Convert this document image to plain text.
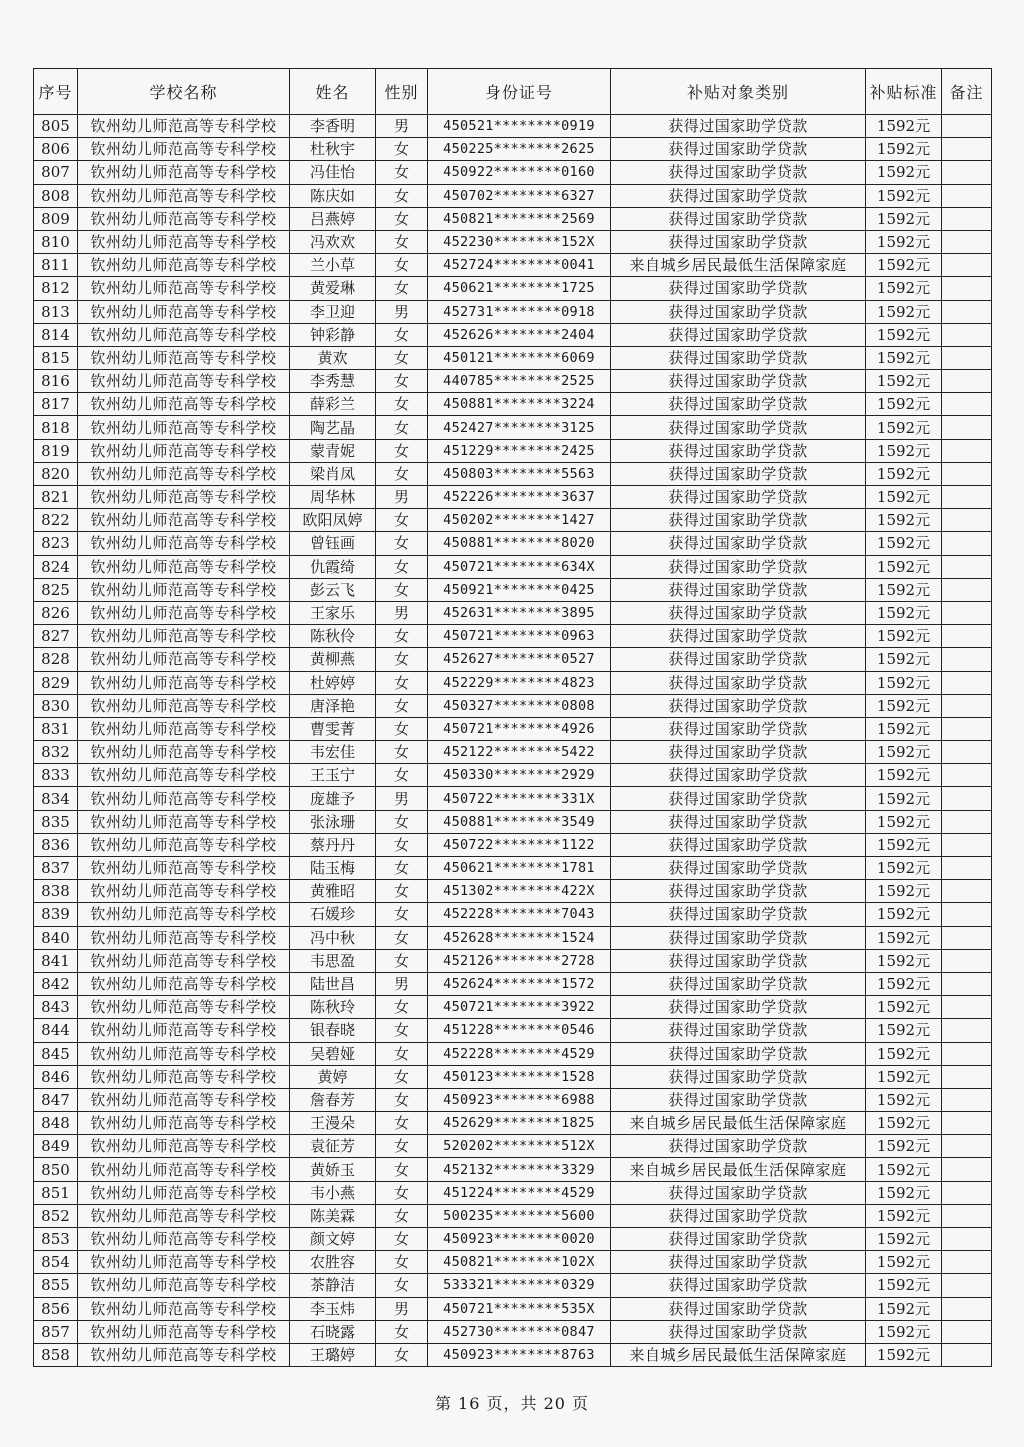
序号	学校名称	姓名	性别	身份证号	补贴对象类别	补贴标准	备注
805	钦州幼儿师范高等专科学校	李香明	男	450521********0919	获得过国家助学贷款	1592元	
806	钦州幼儿师范高等专科学校	杜秋宇	女	450225********2625	获得过国家助学贷款	1592元	
807	钦州幼儿师范高等专科学校	冯佳怡	女	450922********0160	获得过国家助学贷款	1592元	
808	钦州幼儿师范高等专科学校	陈庆如	女	450702********6327	获得过国家助学贷款	1592元	
809	钦州幼儿师范高等专科学校	吕燕婷	女	450821********2569	获得过国家助学贷款	1592元	
810	钦州幼儿师范高等专科学校	冯欢欢	女	452230********152X	获得过国家助学贷款	1592元	
811	钦州幼儿师范高等专科学校	兰小草	女	452724********0041	来自城乡居民最低生活保障家庭	1592元	
812	钦州幼儿师范高等专科学校	黄爱琳	女	450621********1725	获得过国家助学贷款	1592元	
813	钦州幼儿师范高等专科学校	李卫迎	男	452731********0918	获得过国家助学贷款	1592元	
814	钦州幼儿师范高等专科学校	钟彩静	女	452626********2404	获得过国家助学贷款	1592元	
815	钦州幼儿师范高等专科学校	黄欢	女	450121********6069	获得过国家助学贷款	1592元	
816	钦州幼儿师范高等专科学校	李秀慧	女	440785********2525	获得过国家助学贷款	1592元	
817	钦州幼儿师范高等专科学校	薛彩兰	女	450881********3224	获得过国家助学贷款	1592元	
818	钦州幼儿师范高等专科学校	陶艺晶	女	452427********3125	获得过国家助学贷款	1592元	
819	钦州幼儿师范高等专科学校	蒙青妮	女	451229********2425	获得过国家助学贷款	1592元	
820	钦州幼儿师范高等专科学校	梁肖凤	女	450803********5563	获得过国家助学贷款	1592元	
821	钦州幼儿师范高等专科学校	周华林	男	452226********3637	获得过国家助学贷款	1592元	
822	钦州幼儿师范高等专科学校	欧阳凤婷	女	450202********1427	获得过国家助学贷款	1592元	
823	钦州幼儿师范高等专科学校	曾钰画	女	450881********8020	获得过国家助学贷款	1592元	
824	钦州幼儿师范高等专科学校	仇霞绮	女	450721********634X	获得过国家助学贷款	1592元	
825	钦州幼儿师范高等专科学校	彭云飞	女	450921********0425	获得过国家助学贷款	1592元	
826	钦州幼儿师范高等专科学校	王家乐	男	452631********3895	获得过国家助学贷款	1592元	
827	钦州幼儿师范高等专科学校	陈秋伶	女	450721********0963	获得过国家助学贷款	1592元	
828	钦州幼儿师范高等专科学校	黄柳燕	女	452627********0527	获得过国家助学贷款	1592元	
829	钦州幼儿师范高等专科学校	杜婷婷	女	452229********4823	获得过国家助学贷款	1592元	
830	钦州幼儿师范高等专科学校	唐泽艳	女	450327********0808	获得过国家助学贷款	1592元	
831	钦州幼儿师范高等专科学校	曹雯菁	女	450721********4926	获得过国家助学贷款	1592元	
832	钦州幼儿师范高等专科学校	韦宏佳	女	452122********5422	获得过国家助学贷款	1592元	
833	钦州幼儿师范高等专科学校	王玉宁	女	450330********2929	获得过国家助学贷款	1592元	
834	钦州幼儿师范高等专科学校	庞雄予	男	450722********331X	获得过国家助学贷款	1592元	
835	钦州幼儿师范高等专科学校	张泳珊	女	450881********3549	获得过国家助学贷款	1592元	
836	钦州幼儿师范高等专科学校	蔡丹丹	女	450722********1122	获得过国家助学贷款	1592元	
837	钦州幼儿师范高等专科学校	陆玉梅	女	450621********1781	获得过国家助学贷款	1592元	
838	钦州幼儿师范高等专科学校	黄雅昭	女	451302********422X	获得过国家助学贷款	1592元	
839	钦州幼儿师范高等专科学校	石媛珍	女	452228********7043	获得过国家助学贷款	1592元	
840	钦州幼儿师范高等专科学校	冯中秋	女	452628********1524	获得过国家助学贷款	1592元	
841	钦州幼儿师范高等专科学校	韦思盈	女	452126********2728	获得过国家助学贷款	1592元	
842	钦州幼儿师范高等专科学校	陆世昌	男	452624********1572	获得过国家助学贷款	1592元	
843	钦州幼儿师范高等专科学校	陈秋玲	女	450721********3922	获得过国家助学贷款	1592元	
844	钦州幼儿师范高等专科学校	银春晓	女	451228********0546	获得过国家助学贷款	1592元	
845	钦州幼儿师范高等专科学校	吴碧娅	女	452228********4529	获得过国家助学贷款	1592元	
846	钦州幼儿师范高等专科学校	黄婷	女	450123********1528	获得过国家助学贷款	1592元	
847	钦州幼儿师范高等专科学校	詹春芳	女	450923********6988	获得过国家助学贷款	1592元	
848	钦州幼儿师范高等专科学校	王漫朵	女	452629********1825	来自城乡居民最低生活保障家庭	1592元	
849	钦州幼儿师范高等专科学校	袁征芳	女	520202********512X	获得过国家助学贷款	1592元	
850	钦州幼儿师范高等专科学校	黄娇玉	女	452132********3329	来自城乡居民最低生活保障家庭	1592元	
851	钦州幼儿师范高等专科学校	韦小燕	女	451224********4529	获得过国家助学贷款	1592元	
852	钦州幼儿师范高等专科学校	陈美霖	女	500235********5600	获得过国家助学贷款	1592元	
853	钦州幼儿师范高等专科学校	颜文婷	女	450923********0020	获得过国家助学贷款	1592元	
854	钦州幼儿师范高等专科学校	农胜容	女	450821********102X	获得过国家助学贷款	1592元	
855	钦州幼儿师范高等专科学校	茶静洁	女	533321********0329	获得过国家助学贷款	1592元	
856	钦州幼儿师范高等专科学校	李玉炜	男	450721********535X	获得过国家助学贷款	1592元	
857	钦州幼儿师范高等专科学校	石晓露	女	452730********0847	获得过国家助学贷款	1592元	
858	钦州幼儿师范高等专科学校	王璐婷	女	450923********8763	来自城乡居民最低生活保障家庭	1592元	
第 16 页，共 20 页
